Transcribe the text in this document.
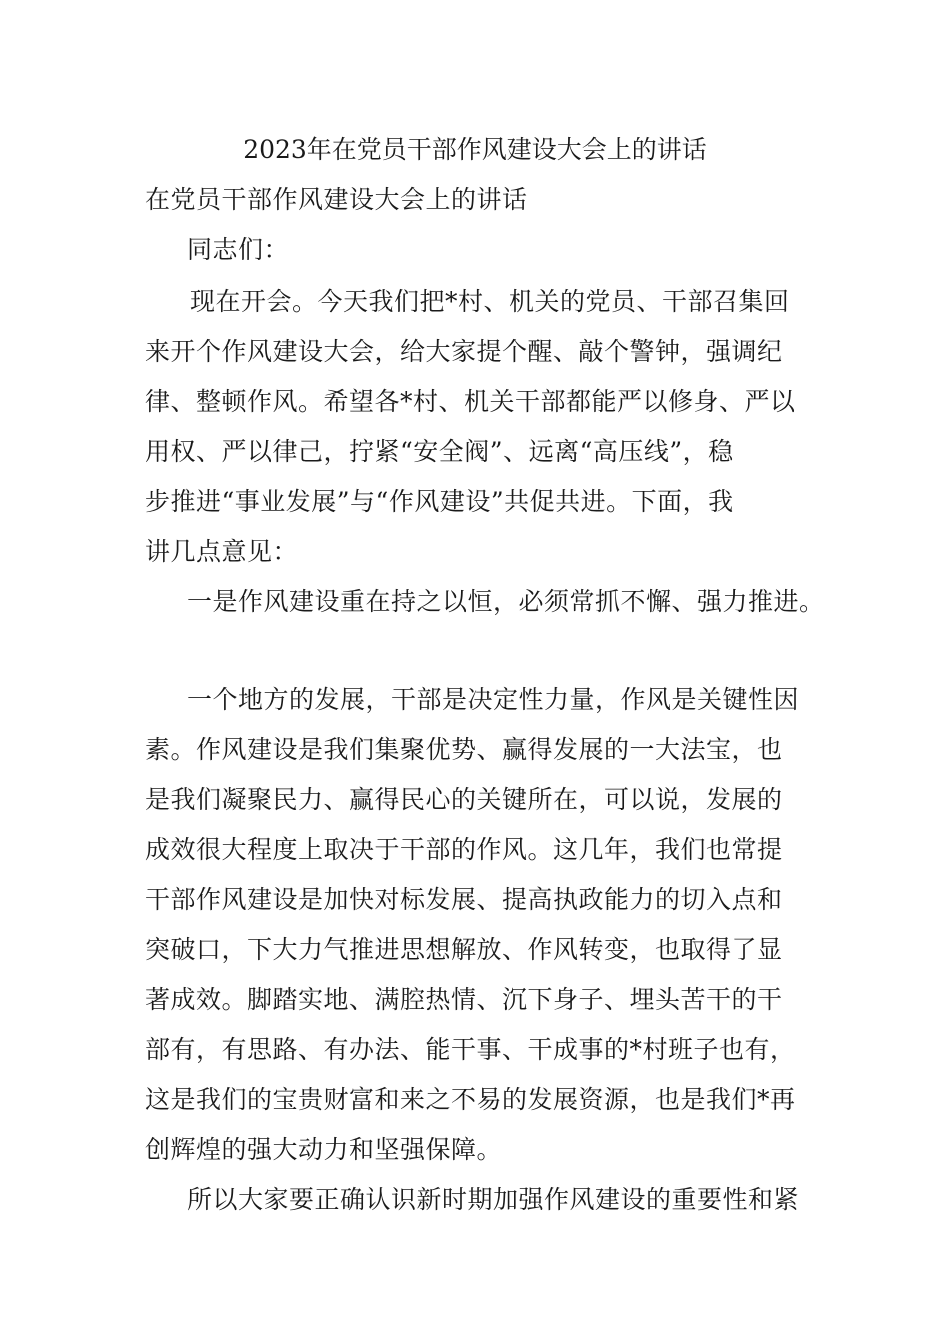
2023年在党员干部作风建设大会上的讲话
在党员干部作风建设大会上的讲话
同志们：
现在开会。今天我们把*村、机关的党员、干部召集回
来开个作风建设大会，给大家提个醒、敲个警钟，强调纪
律、整顿作风。希望各*村、机关干部都能严以修身、严以
用权、严以律己，拧紧“安全阀”、远离“高压线”，稳
步推进“事业发展”与“作风建设”共促共进。下面，我
讲几点意见：
一是作风建设重在持之以恒，必须常抓不懈、强力推进。
一个地方的发展，干部是决定性力量，作风是关键性因
素。作风建设是我们集聚优势、赢得发展的一大法宝，也
是我们凝聚民力、赢得民心的关键所在，可以说，发展的
成效很大程度上取决于干部的作风。这几年，我们也常提
干部作风建设是加快对标发展、提高执政能力的切入点和
突破口，下大力气推进思想解放、作风转变，也取得了显
著成效。脚踏实地、满腔热情、沉下身子、埋头苦干的干
部有，有思路、有办法、能干事、干成事的*村班子也有，
这是我们的宝贵财富和来之不易的发展资源，也是我们*再
创辉煌的强大动力和坚强保障。
所以大家要正确认识新时期加强作风建设的重要性和紧
